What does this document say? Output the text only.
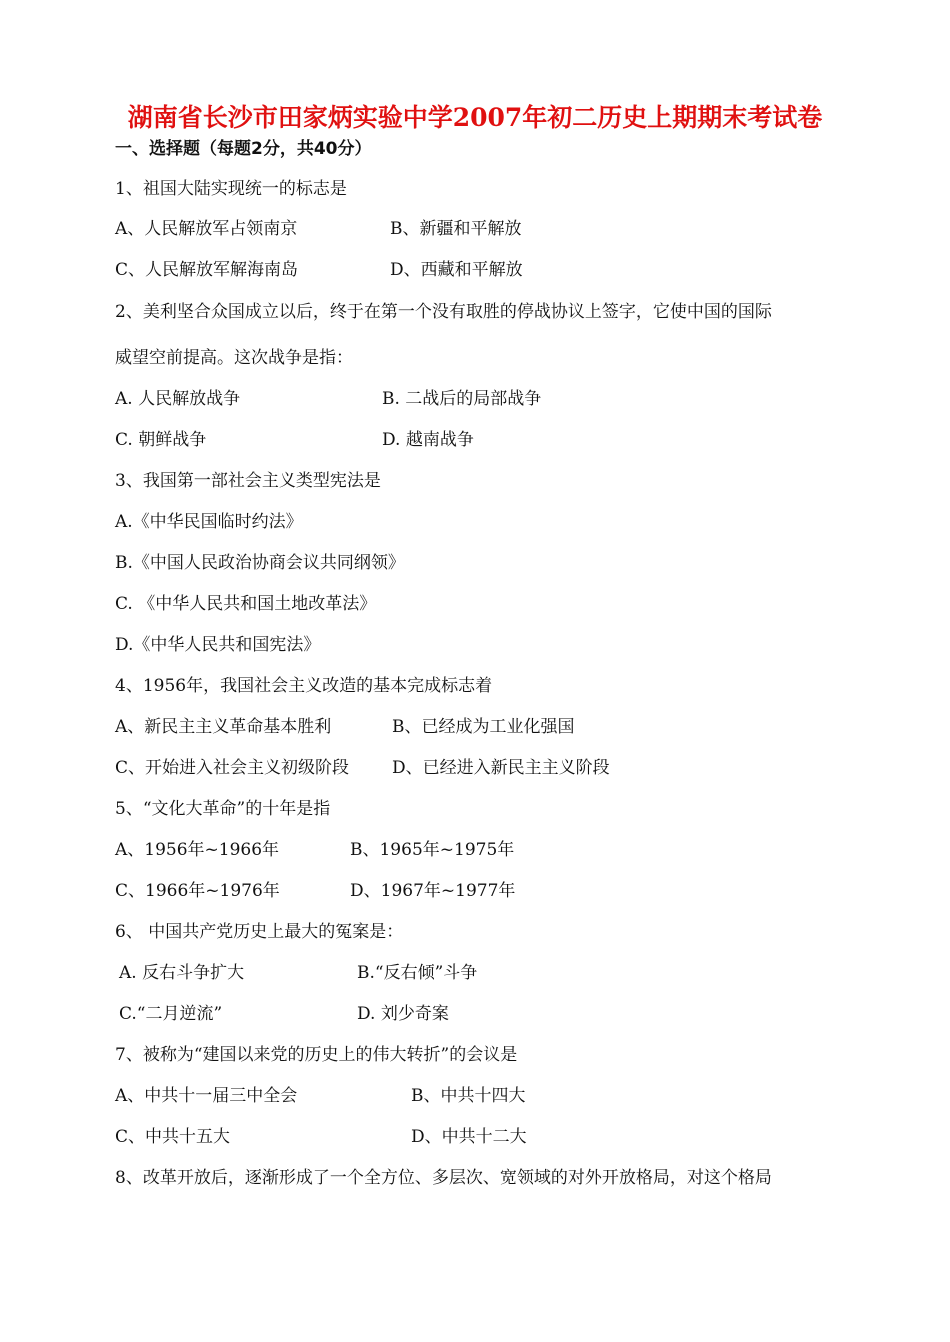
湖南省长沙市田家炳实验中学2007年初二历史上期期末考试卷
一、选择题（每题2分，共40分）
1、祖国大陆实现统一的标志是
A、人民解放军占领南京	B、新疆和平解放
C、人民解放军解海南岛	D、西藏和平解放
2、美利坚合众国成立以后，终于在第一个没有取胜的停战协议上签字，它使中国的国际
威望空前提高。这次战争是指：
A. 人民解放战争	B. 二战后的局部战争
C. 朝鲜战争	D. 越南战争
3、我国第一部社会主义类型宪法是
A.《中华民国临时约法》
B.《中国人民政治协商会议共同纲领》
C. 《中华人民共和国土地改革法》
D.《中华人民共和国宪法》
4、1956年，我国社会主义改造的基本完成标志着
A、新民主主义革命基本胜利	B、已经成为工业化强国
C、开始进入社会主义初级阶段	D、已经进入新民主主义阶段
5、“文化大革命”的十年是指
A、1956年~1966年	B、1965年~1975年
C、1966年~1976年	D、1967年~1977年
6、 中国共产党历史上最大的冤案是：
A. 反右斗争扩大	B.“反右倾”斗争
C.“二月逆流”	D. 刘少奇案
7、被称为“建国以来党的历史上的伟大转折”的会议是
A、中共十一届三中全会	B、中共十四大
C、中共十五大	D、中共十二大
8、改革开放后，逐渐形成了一个全方位、多层次、宽领域的对外开放格局，对这个格局
